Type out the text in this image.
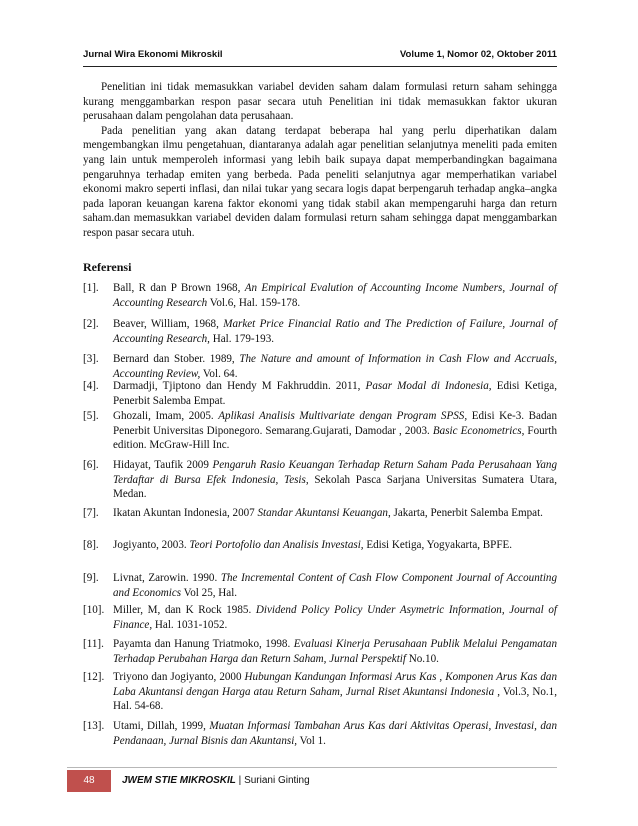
Jurnal Wira Ekonomi Mikroskil	Volume 1, Nomor 02, Oktober 2011

Penelitian ini tidak memasukkan variabel deviden saham dalam formulasi return saham sehingga kurang menggambarkan respon pasar secara utuh Penelitian ini tidak memasukkan faktor ukuran perusahaan dalam pengolahan data perusahaan.

Pada penelitian yang akan datang terdapat beberapa hal yang perlu diperhatikan dalam mengembangkan ilmu pengetahuan, diantaranya adalah agar penelitian selanjutnya meneliti pada emiten yang lain untuk memperoleh informasi yang lebih baik supaya dapat memperbandingkan bagaimana pengaruhnya terhadap emiten yang berbeda. Pada peneliti selanjutnya agar memperhatikan variabel ekonomi makro seperti inflasi, dan nilai tukar yang secara logis dapat berpengaruh terhadap angka–angka pada laporan keuangan karena faktor ekonomi yang tidak stabil akan mempengaruhi harga dan return saham.dan memasukkan variabel deviden dalam formulasi return saham sehingga dapat menggambarkan respon pasar secara utuh.

Referensi
[1].	Ball, R dan P Brown 1968, An Empirical Evalution of Accounting Income Numbers, Journal of Accounting Research Vol.6, Hal. 159-178.
[2].	Beaver, William, 1968, Market Price Financial Ratio and The Prediction of Failure, Journal of Accounting Research, Hal. 179-193.
[3].	Bernard dan Stober. 1989, The Nature and amount of Information in Cash Flow and Accruals, Accounting Review, Vol. 64.
[4].	Darmadji, Tjiptono dan Hendy M Fakhruddin. 2011, Pasar Modal di Indonesia, Edisi Ketiga, Penerbit Salemba Empat.
[5].	Ghozali, Imam, 2005. Aplikasi Analisis Multivariate dengan Program SPSS, Edisi Ke-3. Badan Penerbit Universitas Diponegoro. Semarang.Gujarati, Damodar , 2003. Basic Econometrics, Fourth edition. McGraw-Hill Inc.
[6].	Hidayat, Taufik 2009 Pengaruh Rasio Keuangan Terhadap Return Saham Pada Perusahaan Yang Terdaftar di Bursa Efek Indonesia, Tesis, Sekolah Pasca Sarjana Universitas Sumatera Utara, Medan.
[7].	Ikatan Akuntan Indonesia, 2007 Standar Akuntansi Keuangan, Jakarta, Penerbit Salemba Empat.
[8].	Jogiyanto, 2003. Teori Portofolio dan Analisis Investasi, Edisi Ketiga, Yogyakarta, BPFE.
[9].	Livnat, Zarowin. 1990. The Incremental Content of Cash Flow Component Journal of Accounting and Economics Vol 25, Hal.
[10]. Miller, M, dan K Rock 1985. Dividend Policy Policy Under Asymetric Information, Journal of Finance, Hal. 1031-1052.
[11]. Payamta dan Hanung Triatmoko, 1998. Evaluasi Kinerja Perusahaan Publik Melalui Pengamatan Terhadap Perubahan Harga dan Return Saham, Jurnal Perspektif No.10.
[12]. Triyono dan Jogiyanto, 2000 Hubungan Kandungan Informasi Arus Kas , Komponen Arus Kas dan Laba Akuntansi dengan Harga atau Return Saham, Jurnal Riset Akuntansi Indonesia , Vol.3, No.1, Hal. 54-68.
[13]. Utami, Dillah, 1999, Muatan Informasi Tambahan Arus Kas dari Aktivitas Operasi, Investasi, dan Pendanaan, Jurnal Bisnis dan Akuntansi, Vol 1.
48	JWEM STIE MIKROSKIL | Suriani Ginting
